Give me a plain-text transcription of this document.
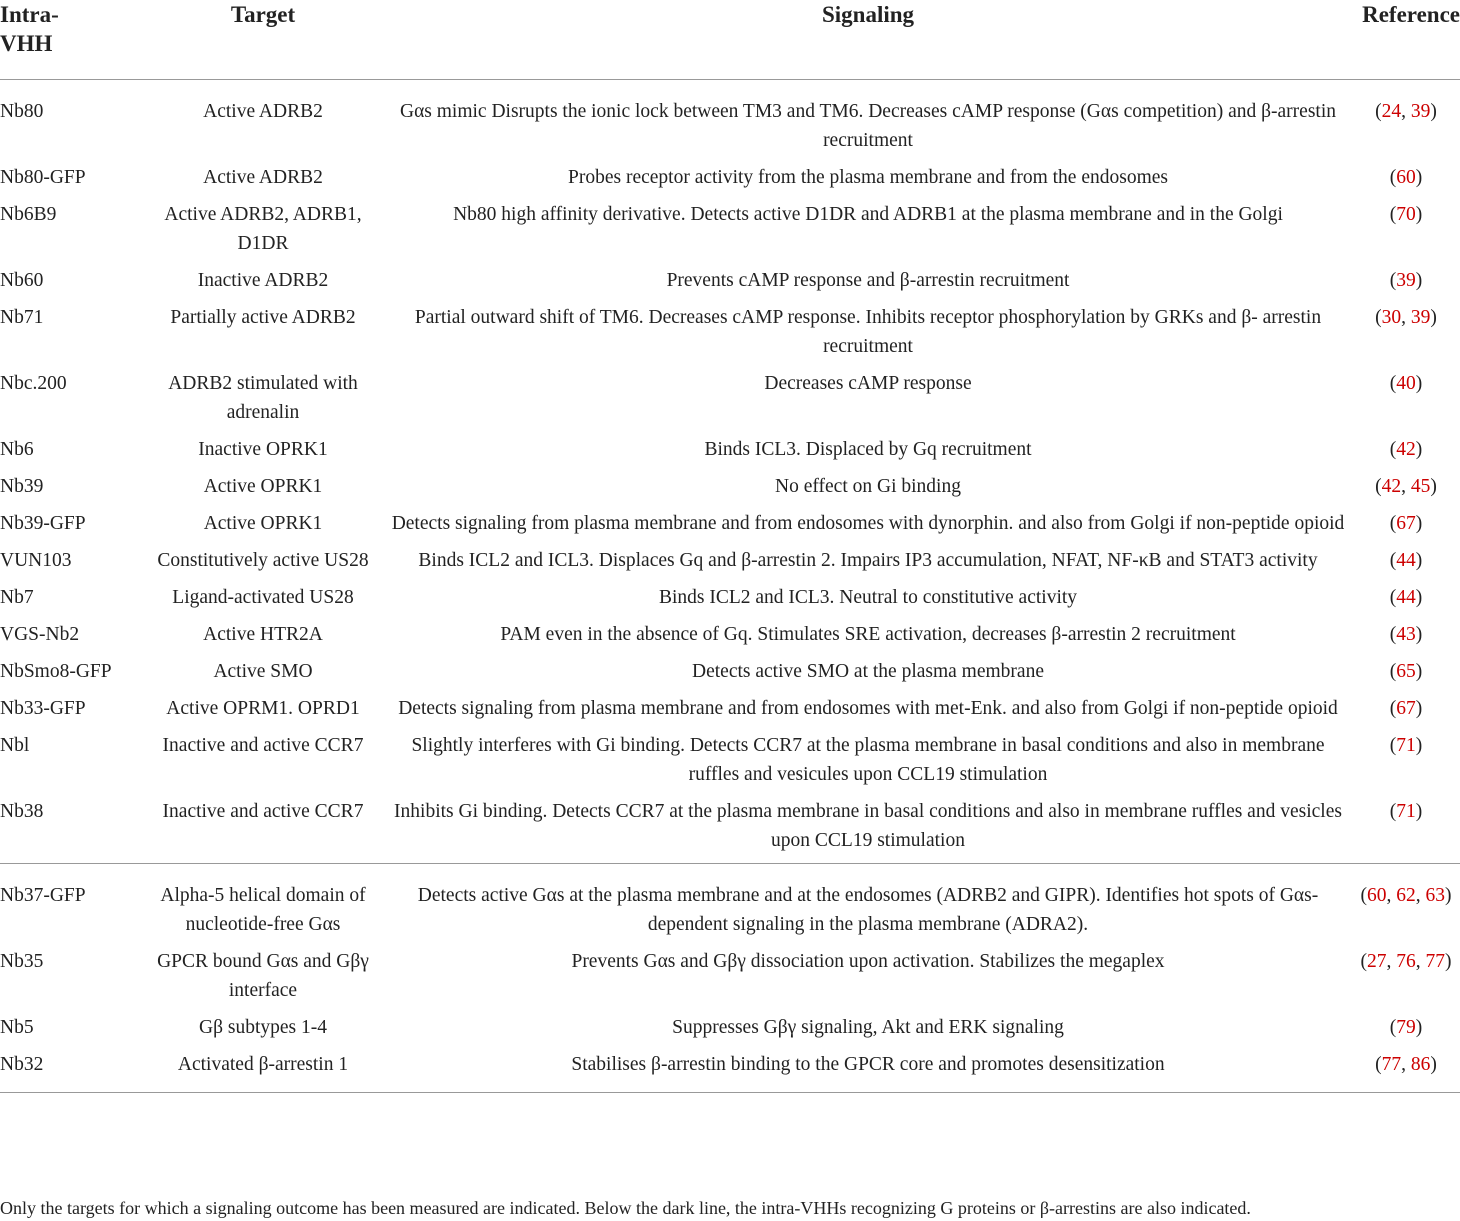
Intra-
VHH	Target	Signaling	Reference
Nb80	Active ADRB2	Gαs mimic Disrupts the ionic lock between TM3 and TM6. Decreases cAMP response (Gαs competition) and β-arrestin recruitment	(24, 39)
Nb80-GFP	Active ADRB2	Probes receptor activity from the plasma membrane and from the endosomes	(60)
Nb6B9	Active ADRB2, ADRB1, D1DR	Nb80 high affinity derivative. Detects active D1DR and ADRB1 at the plasma membrane and in the Golgi	(70)
Nb60	Inactive ADRB2	Prevents cAMP response and β-arrestin recruitment	(39)
Nb71	Partially active ADRB2	Partial outward shift of TM6. Decreases cAMP response. Inhibits receptor phosphorylation by GRKs and β- arrestin recruitment	(30, 39)
Nbc.200	ADRB2 stimulated with adrenalin	Decreases cAMP response	(40)
Nb6	Inactive OPRK1	Binds ICL3. Displaced by Gq recruitment	(42)
Nb39	Active OPRK1	No effect on Gi binding	(42, 45)
Nb39-GFP	Active OPRK1	Detects signaling from plasma membrane and from endosomes with dynorphin. and also from Golgi if non-peptide opioid	(67)
VUN103	Constitutively active US28	Binds ICL2 and ICL3. Displaces Gq and β-arrestin 2. Impairs IP3 accumulation, NFAT, NF-κB and STAT3 activity	(44)
Nb7	Ligand-activated US28	Binds ICL2 and ICL3. Neutral to constitutive activity	(44)
VGS-Nb2	Active HTR2A	PAM even in the absence of Gq. Stimulates SRE activation, decreases β-arrestin 2 recruitment	(43)
NbSmo8-GFP	Active SMO	Detects active SMO at the plasma membrane	(65)
Nb33-GFP	Active OPRM1. OPRD1	Detects signaling from plasma membrane and from endosomes with met-Enk. and also from Golgi if non-peptide opioid	(67)
Nbl	Inactive and active CCR7	Slightly interferes with Gi binding. Detects CCR7 at the plasma membrane in basal conditions and also in membrane ruffles and vesicules upon CCL19 stimulation	(71)
Nb38	Inactive and active CCR7	Inhibits Gi binding. Detects CCR7 at the plasma membrane in basal conditions and also in membrane ruffles and vesicles upon CCL19 stimulation	(71)
Nb37-GFP	Alpha-5 helical domain of nucleotide-free Gαs	Detects active Gαs at the plasma membrane and at the endosomes (ADRB2 and GIPR). Identifies hot spots of Gαs-dependent signaling in the plasma membrane (ADRA2).	(60, 62, 63)
Nb35	GPCR bound Gαs and Gβγ interface	Prevents Gαs and Gβγ dissociation upon activation. Stabilizes the megaplex	(27, 76, 77)
Nb5	Gβ subtypes 1-4	Suppresses Gβγ signaling, Akt and ERK signaling	(79)
Nb32	Activated β-arrestin 1	Stabilises β-arrestin binding to the GPCR core and promotes desensitization	(77, 86)
Only the targets for which a signaling outcome has been measured are indicated. Below the dark line, the intra-VHHs recognizing G proteins or β-arrestins are also indicated.
